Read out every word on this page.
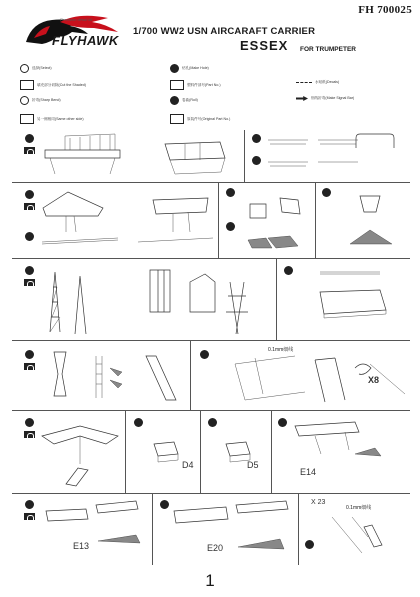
FH 700025
Precision detail kit
FLYHAWK
1/700 WW2 USN AIRCARAFT CARRIER
ESSEX FOR TRUMPETER
选择(Select)	钻孔(Make Hole)
填充部分切除(Cut the Shaded)	塑料件部号(Part No.)
水贴纸(Decals)
折弯(Sharp Bend)	卷曲(Roll)	细线折弯(Make Signal Bar)
另一侧相同(Same other side)	原装件号(Original Part No.)
X8
0.1mm细线
X 23
0.1mm细线
D4	D5
E14
E13	E20
1
